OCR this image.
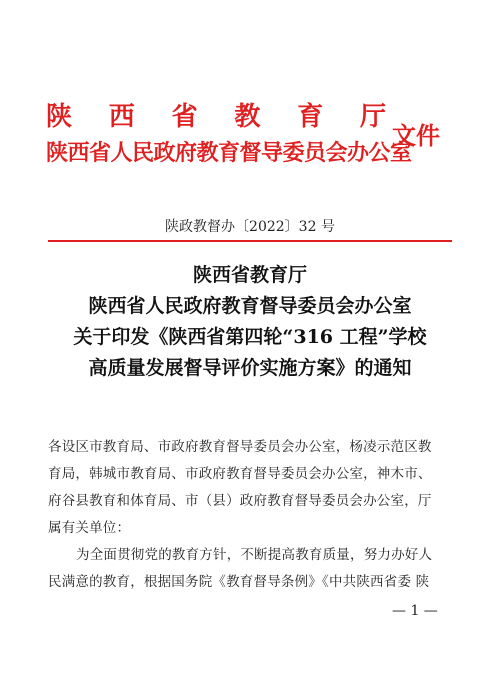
陕 西 省 教 育 厅
陕西省人民政府教育督导委员会办公室
文件
陕政教督办〔2022〕32 号
陕西省教育厅
陕西省人民政府教育督导委员会办公室
关于印发《陕西省第四轮“316 工程”学校
高质量发展督导评价实施方案》的通知
各设区市教育局、市政府教育督导委员会办公室，杨凌示范区教
育局，韩城市教育局、市政府教育督导委员会办公室，神木市、
府谷县教育和体育局、市（县）政府教育督导委员会办公室，厅
属有关单位：
为全面贯彻党的教育方针，不断提高教育质量，努力办好人
民满意的教育，根据国务院《教育督导条例》《中共陕西省委 陕
— 1 —
